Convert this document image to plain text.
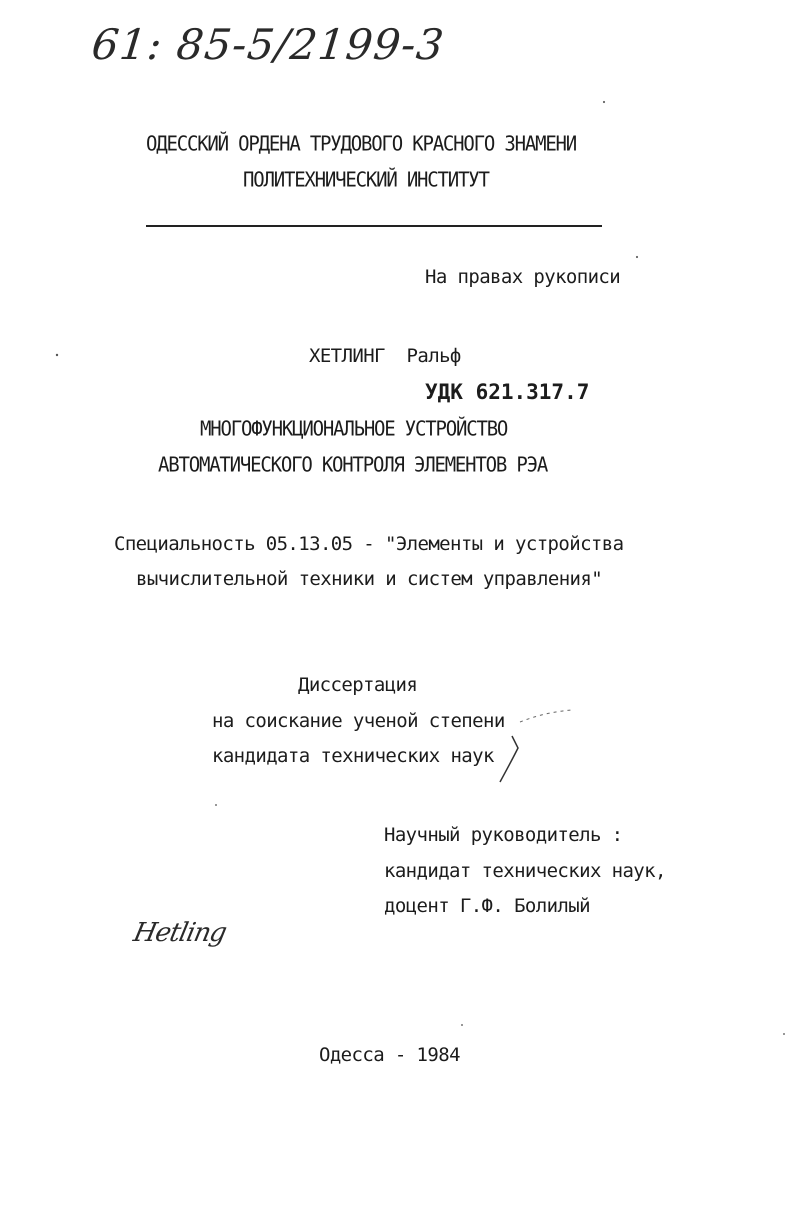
61: 85-5/2199-3
ОДЕССКИЙ ОРДЕНА ТРУДОВОГО КРАСНОГО ЗНАМЕНИ
ПОЛИТЕХНИЧЕСКИЙ ИНСТИТУТ
На правах рукописи
ХЕТЛИНГ  Ральф
УДК 621.317.7
МНОГОФУНКЦИОНАЛЬНОЕ УСТРОЙСТВО
АВТОМАТИЧЕСКОГО КОНТРОЛЯ ЭЛЕМЕНТОВ РЭА
Специальность 05.13.05 - "Элементы и устройства
вычислительной техники и систем управления"
Диссертация
на соискание ученой степени
кандидата технических наук
Научный руководитель :
кандидат технических наук,
доцент Г.Ф. Болилый
Hetling
Одесса - 1984
